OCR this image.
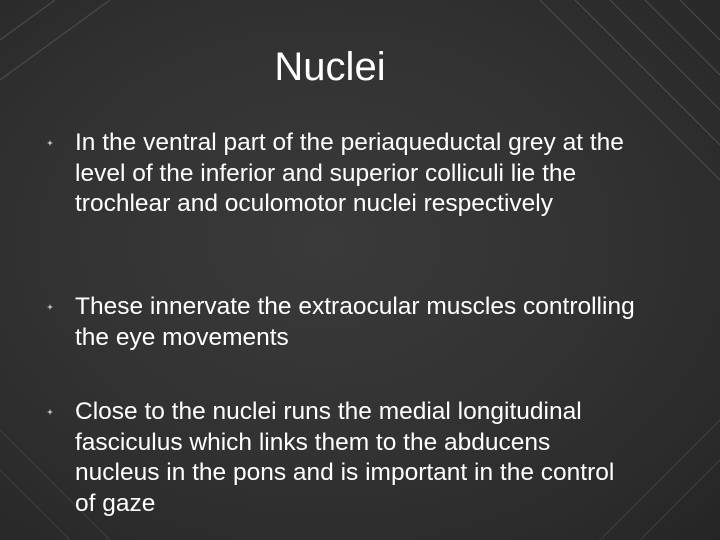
Nuclei
In the ventral part of the periaqueductal grey at the level of the inferior and superior colliculi lie the trochlear and oculomotor nuclei respectively
These innervate the extraocular muscles controlling the eye movements
Close to the nuclei runs the medial longitudinal fasciculus which links them to the abducens nucleus in the pons and is important in the control of gaze
